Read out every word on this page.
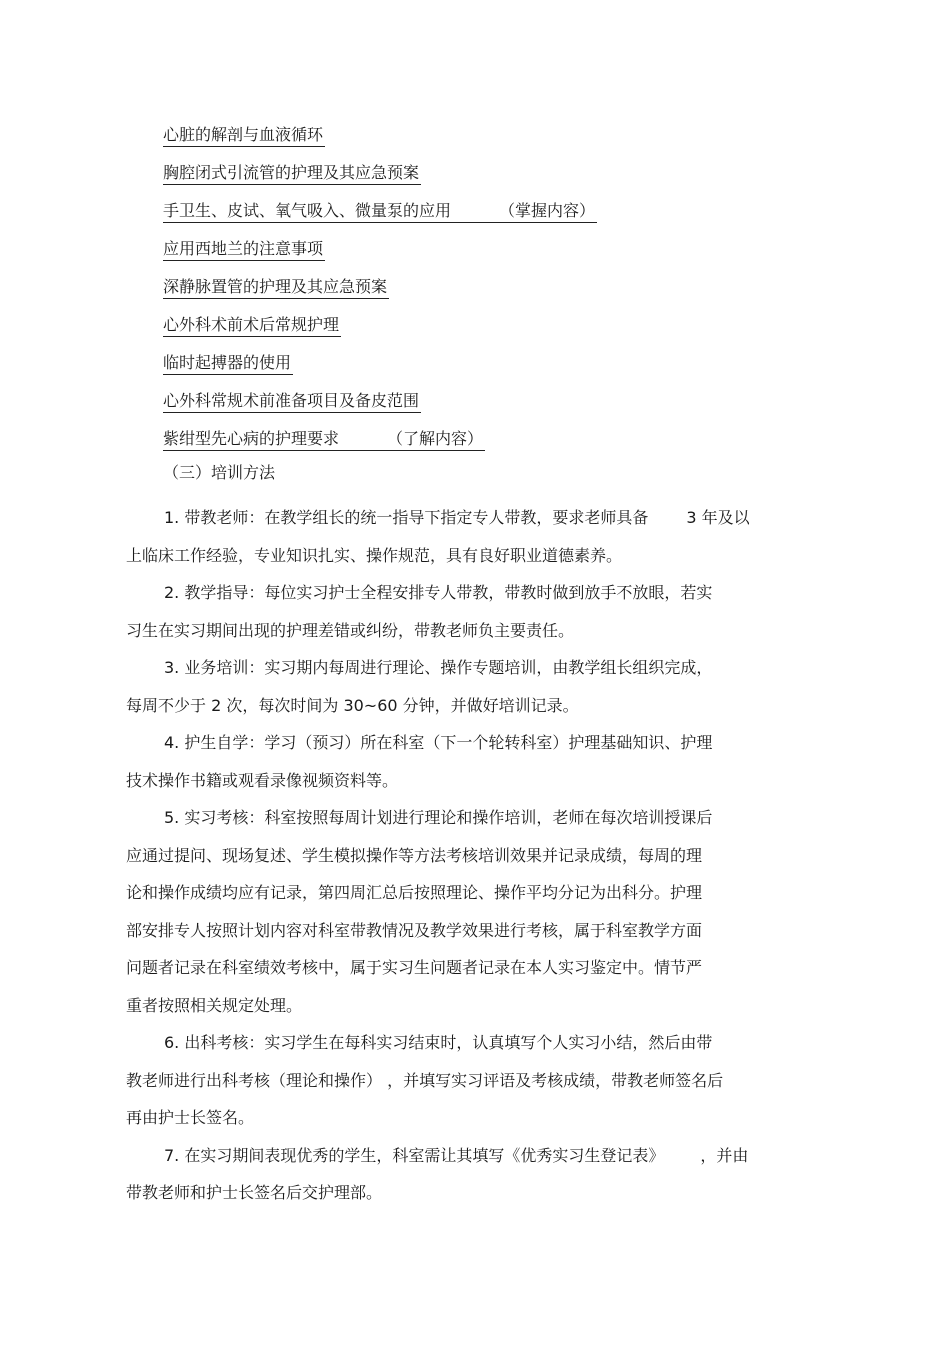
心脏的解剖与血液循环
胸腔闭式引流管的护理及其应急预案
手卫生、皮试、氧气吸入、微量泵的应用	（掌握内容）
应用西地兰的注意事项
深静脉置管的护理及其应急预案
心外科术前术后常规护理
临时起搏器的使用
心外科常规术前准备项目及备皮范围
紫绀型先心病的护理要求	（了解内容）
（三）培训方法

1. 带教老师：在教学组长的统一指导下指定专人带教，要求老师具备 3 年及以
上临床工作经验，专业知识扎实、操作规范，具有良好职业道德素养。

2. 教学指导：每位实习护士全程安排专人带教，带教时做到放手不放眼，若实
习生在实习期间出现的护理差错或纠纷，带教老师负主要责任。

3. 业务培训：实习期内每周进行理论、操作专题培训，由教学组长组织完成，
每周不少于 2 次，每次时间为 30~60 分钟，并做好培训记录。

4. 护生自学：学习（预习）所在科室（下一个轮转科室）护理基础知识、护理
技术操作书籍或观看录像视频资料等。

5. 实习考核：科室按照每周计划进行理论和操作培训，老师在每次培训授课后
应通过提问、现场复述、学生模拟操作等方法考核培训效果并记录成绩，每周的理
论和操作成绩均应有记录，第四周汇总后按照理论、操作平均分记为出科分。护理
部安排专人按照计划内容对科室带教情况及教学效果进行考核，属于科室教学方面
问题者记录在科室绩效考核中，属于实习生问题者记录在本人实习鉴定中。情节严
重者按照相关规定处理。

6. 出科考核：实习学生在每科实习结束时，认真填写个人实习小结，然后由带
教老师进行出科考核（理论和操作） ，并填写实习评语及考核成绩，带教老师签名后
再由护士长签名。

7. 在实习期间表现优秀的学生，科室需让其填写《优秀实习生登记表》 ，并由
带教老师和护士长签名后交护理部。
